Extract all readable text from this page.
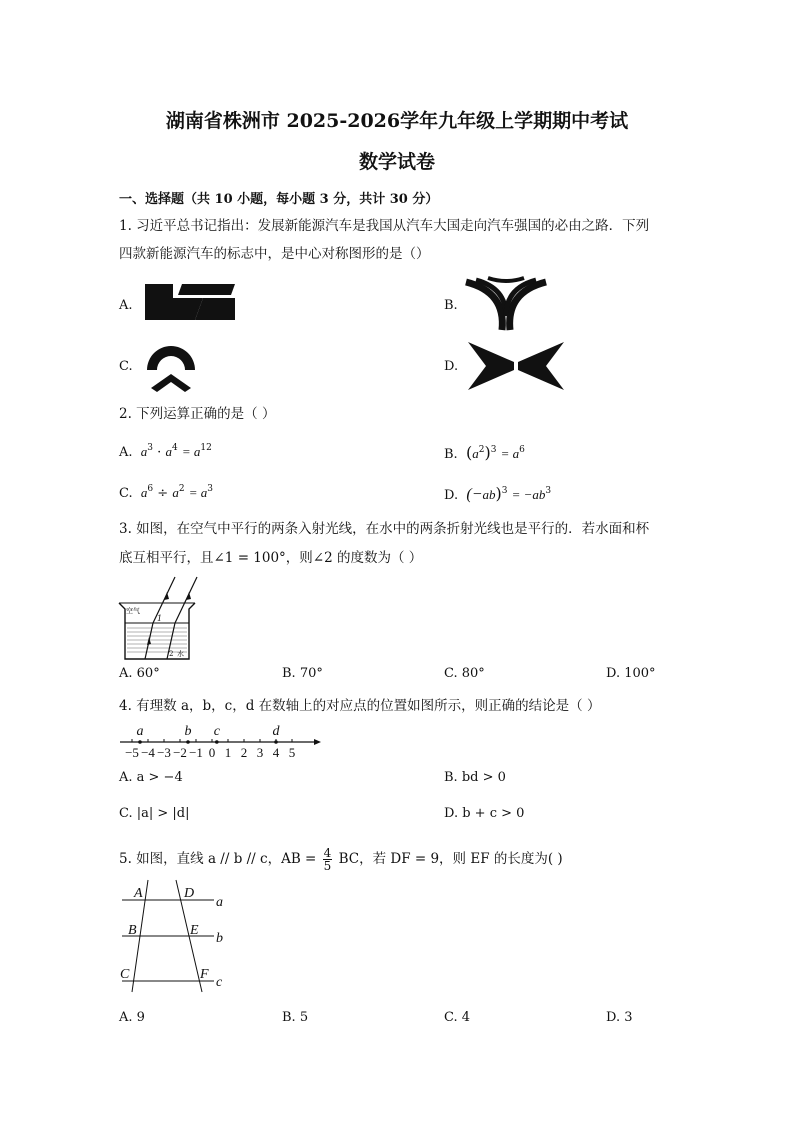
湖南省株洲市 2025-2026学年九年级上学期期中考试
数学试卷
一、选择题（共 10 小题，每小题 3 分，共计 30 分）
1. 习近平总书记指出：发展新能源汽车是我国从汽车大国走向汽车强国的必由之路．下列
四款新能源汽车的标志中，是中心对称图形的是（）
A.	B.
C.	D.
2. 下列运算正确的是（ ）
A. $a^3 \cdot a^4 = a^{12}$	B. $(a^2)^3 = a^6$
C. $a^6 \div a^2 = a^3$	D. $(-ab)^3 = -ab^3$
3. 如图，在空气中平行的两条入射光线，在水中的两条折射光线也是平行的．若水面和杯
底互相平行，且∠1 = 100°，则∠2 的度数为（ ）
空气
1
2 水
A. 60°	B. 70°	C. 80°	D. 100°
4. 有理数 a，b，c，d 在数轴上的对应点的位置如图所示，则正确的结论是（ ）
−5 −4 −3 −2 −1 0 1 2 3 4 5
a	b c	d
A. a > −4	B. bd > 0
C. |a| > |d|	D. b + c > 0
5. 如图，直线 a // b // c，AB = $\frac{4}{5}$ BC，若 DF = 9，则 EF 的长度为( )
A	D
a
B	E
b
C	F
c
A. 9	B. 5	C. 4	D. 3
